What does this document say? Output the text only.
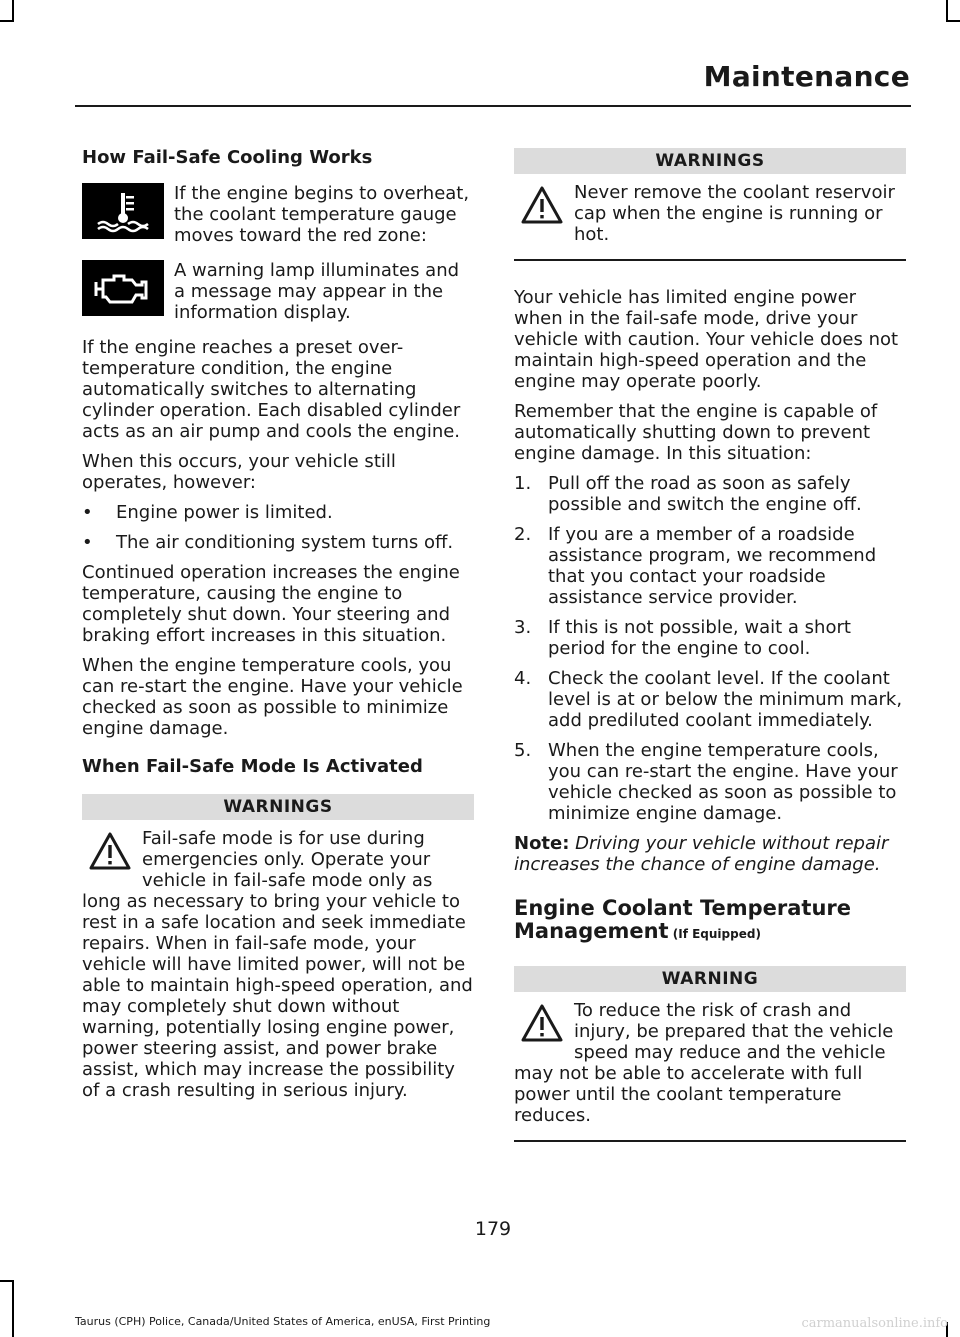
Maintenance
How Fail-Safe Cooling Works

If the engine begins to overheat, the coolant temperature gauge moves toward the red zone:

A warning lamp illuminates and a message may appear in the information display.

If the engine reaches a preset over-temperature condition, the engine automatically switches to alternating cylinder operation. Each disabled cylinder acts as an air pump and cools the engine.

When this occurs, your vehicle still operates, however:

•	Engine power is limited.
•	The air conditioning system turns off.

Continued operation increases the engine temperature, causing the engine to completely shut down. Your steering and braking effort increases in this situation.

When the engine temperature cools, you can re-start the engine. Have your vehicle checked as soon as possible to minimize engine damage.

When Fail-Safe Mode Is Activated
WARNINGS

Fail-safe mode is for use during emergencies only. Operate your vehicle in fail-safe mode only as long as necessary to bring your vehicle to rest in a safe location and seek immediate repairs. When in fail-safe mode, your vehicle will have limited power, will not be able to maintain high-speed operation, and may completely shut down without warning, potentially losing engine power, power steering assist, and power brake assist, which may increase the possibility of a crash resulting in serious injury.

WARNINGS

Never remove the coolant reservoir cap when the engine is running or hot.

Your vehicle has limited engine power when in the fail-safe mode, drive your vehicle with caution. Your vehicle does not maintain high-speed operation and the engine may operate poorly.

Remember that the engine is capable of automatically shutting down to prevent engine damage. In this situation:

1. Pull off the road as soon as safely possible and switch the engine off.
2. If you are a member of a roadside assistance program, we recommend that you contact your roadside assistance service provider.
3. If this is not possible, wait a short period for the engine to cool.
4. Check the coolant level. If the coolant level is at or below the minimum mark, add prediluted coolant immediately.
5. When the engine temperature cools, you can re-start the engine. Have your vehicle checked as soon as possible to minimize engine damage.

Note: Driving your vehicle without repair increases the chance of engine damage.

Engine Coolant Temperature Management (If Equipped)
WARNING

To reduce the risk of crash and injury, be prepared that the vehicle speed may reduce and the vehicle may not be able to accelerate with full power until the coolant temperature reduces.

179
Taurus (CPH) Police, Canada/United States of America, enUSA, First Printing	carmanualsonline.info
